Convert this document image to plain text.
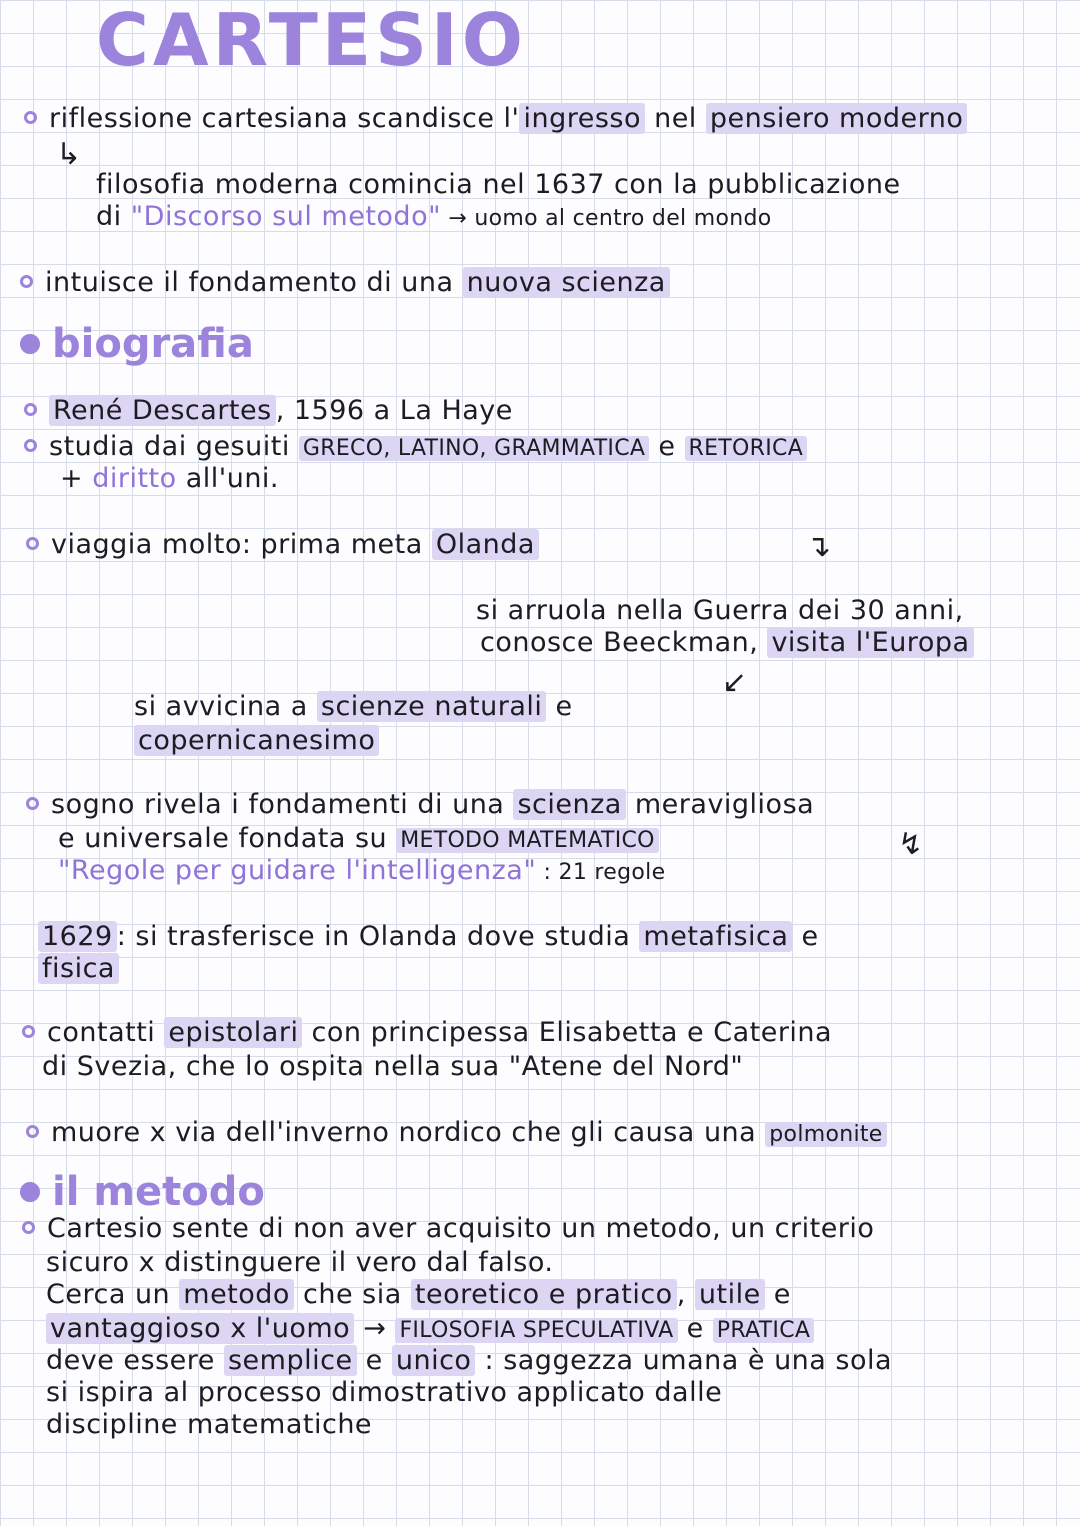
CARTESIO
riflessione cartesiana scandisce l' ingresso nel pensiero moderno
↳
filosofia moderna comincia nel 1637 con la pubblicazione
di "Discorso sul metodo" → uomo al centro del mondo
intuisce il fondamento di una nuova scienza
biografia
René Descartes , 1596 a La Haye
studia dai gesuiti GRECO, LATINO, GRAMMATICA e RETORICA
+ diritto all'uni.
viaggia molto: prima meta Olanda	↴
si arruola nella Guerra dei 30 anni,
conosce Beeckman, visita l'Europa
↙
si avvicina a scienze naturali e
copernicanesimo
sogno rivela i fondamenti di una scienza meravigliosa
e universale fondata su METODO MATEMATICO	↯
"Regole per guidare l'intelligenza" : 21 regole
1629 : si trasferisce in Olanda dove studia metafisica e
fisica
contatti epistolari con principessa Elisabetta e Caterina
di Svezia, che lo ospita nella sua "Atene del Nord"
muore x via dell'inverno nordico che gli causa una polmonite
il metodo
Cartesio sente di non aver acquisito un metodo, un criterio
sicuro x distinguere il vero dal falso.
Cerca un metodo che sia teoretico e pratico , utile e
vantaggioso x l'uomo → FILOSOFIA SPECULATIVA e PRATICA
deve essere semplice e unico : saggezza umana è una sola
si ispira al processo dimostrativo applicato dalle
discipline matematiche
